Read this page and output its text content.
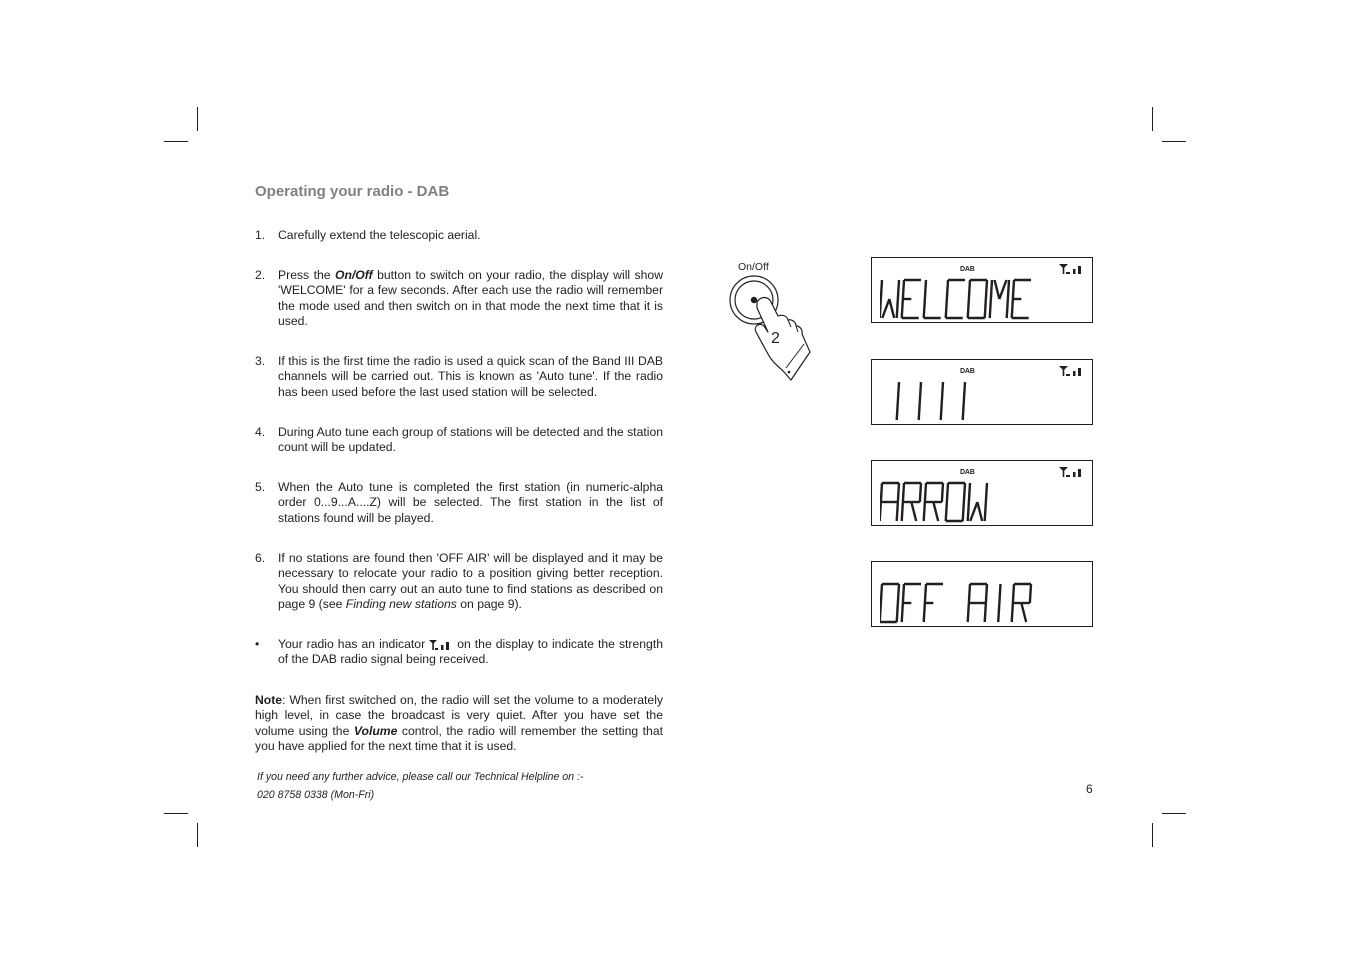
Operating your radio - DAB
1.	Carefully extend the telescopic aerial.
2.	Press the On/Off button to switch on your radio, the display will show 'WELCOME' for a few seconds. After each use the radio will remember the mode used and then switch on in that mode the next time that it is used.
3.	If this is the first time the radio is used a quick scan of the Band III DAB channels will be carried out. This is known as 'Auto tune'. If the radio has been used before the last used station will be selected.
4.	During Auto tune each group of stations will be detected and the station count will be updated.
5.	When the Auto tune is completed the first station (in numeric-alpha order 0...9...A....Z) will be selected. The first station in the list of stations found will be played.
6.	If no stations are found then 'OFF AIR' will be displayed and it may be necessary to relocate your radio to a position giving better reception. You should then carry out an auto tune to find stations as described on page 9 (see Finding new stations on page 9).
•	Your radio has an indicator  on the display to indicate the strength of the DAB radio signal being received.
Note: When first switched on, the radio will set the volume to a moderately high level, in case the broadcast is very quiet. After you have set the volume using the Volume control, the radio will remember the setting that you have applied for the next time that it is used.
If you need any further advice, please call our Technical Helpline on :-
020 8758 0338 (Mon-Fri)	6
On/Off
2
DAB
DAB
DAB
